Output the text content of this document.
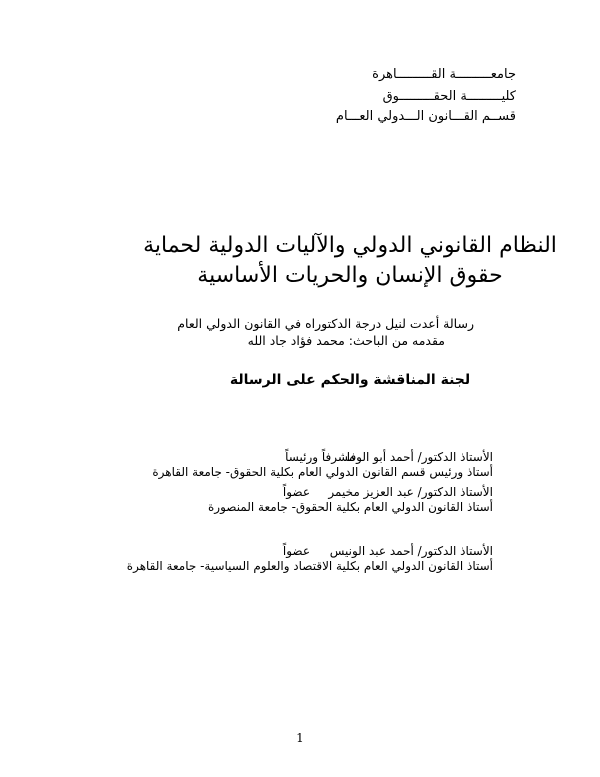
جامعـــــــــة القـــــــــاهرة
كليـــــــــة الحقـــــــــوق
قســم القـــانون الـــدولي العـــام
النظام القانوني الدولي والآليات الدولية لحماية
حقوق الإنسان والحريات الأساسية
رسالة أعدت لنيل درجة الدكتوراه في القانون الدولي العام
مقدمه من الباحث: محمد فؤاد جاد الله
لجنة المناقشة والحكم على الرسالة
الأستاذ الدكتور/ أحمد أبو الوفا
مشرفاً ورئيساً
أستاذ ورئيس قسم القانون الدولي العام بكلية الحقوق- جامعة القاهرة
الأستاذ الدكتور/ عبد العزيز مخيمر
عضواً
أستاذ القانون الدولي العام بكلية الحقوق- جامعة المنصورة
الأستاذ الدكتور/ أحمد عبد الونيس
عضواً
أستاذ القانون الدولي العام بكلية الاقتصاد والعلوم السياسية- جامعة القاهرة
1
